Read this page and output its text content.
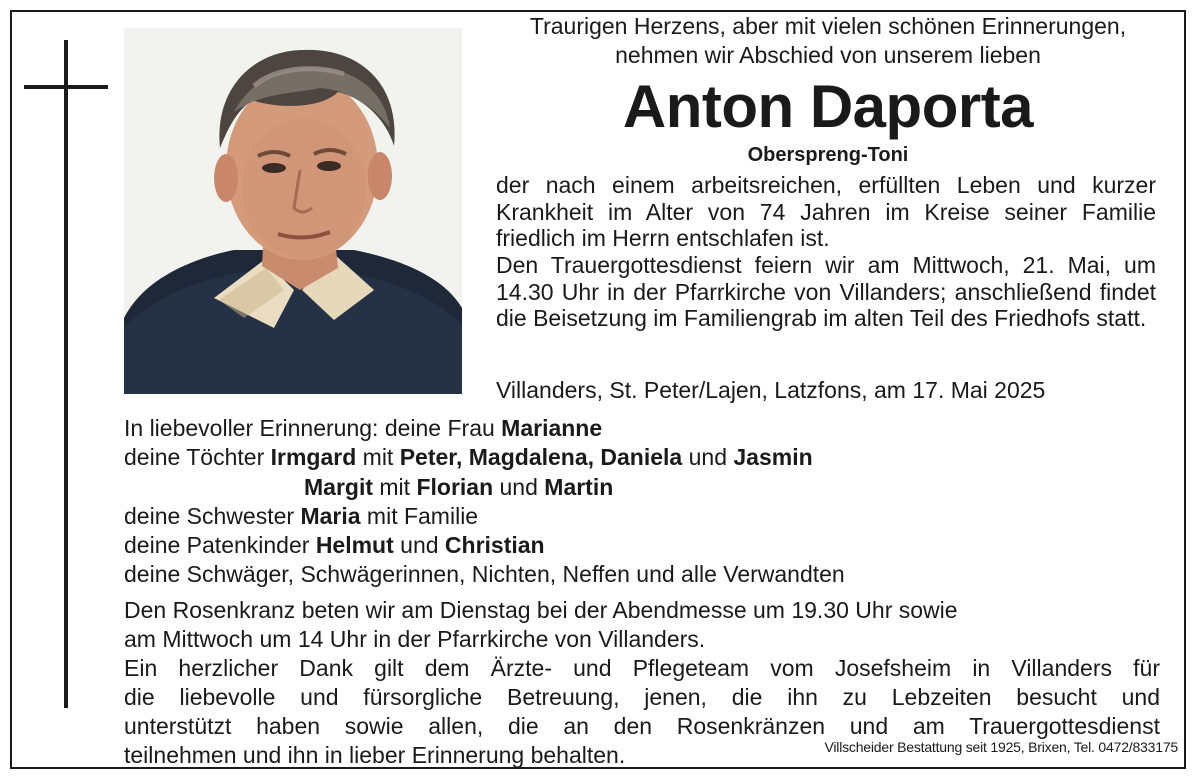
Traurigen Herzens, aber mit vielen schönen Erinnerungen, nehmen wir Abschied von unserem lieben
Anton Daporta
Oberspreng-Toni
der nach einem arbeitsreichen, erfüllten Leben und kurzer Krankheit im Alter von 74 Jahren im Kreise seiner Familie friedlich im Herrn entschlafen ist.
Den Trauergottesdienst feiern wir am Mittwoch, 21. Mai, um 14.30 Uhr in der Pfarrkirche von Villanders; anschließend findet die Beisetzung im Familiengrab im alten Teil des Friedhofs statt.
Villanders, St. Peter/Lajen, Latzfons, am 17. Mai 2025
In liebevoller Erinnerung: deine Frau Marianne
deine Töchter Irmgard mit Peter, Magdalena, Daniela und Jasmin
Margit mit Florian und Martin
deine Schwester Maria mit Familie
deine Patenkinder Helmut und Christian
deine Schwäger, Schwägerinnen, Nichten, Neffen und alle Verwandten
Den Rosenkranz beten wir am Dienstag bei der Abendmesse um 19.30 Uhr sowie
am Mittwoch um 14 Uhr in der Pfarrkirche von Villanders.
Ein herzlicher Dank gilt dem Ärzte- und Pflegeteam vom Josefsheim in Villanders für
die liebevolle und fürsorgliche Betreuung, jenen, die ihn zu Lebzeiten besucht und
unterstützt haben sowie allen, die an den Rosenkränzen und am Trauergottesdienst
teilnehmen und ihn in lieber Erinnerung behalten.	Villscheider Bestattung seit 1925, Brixen, Tel. 0472/833175
